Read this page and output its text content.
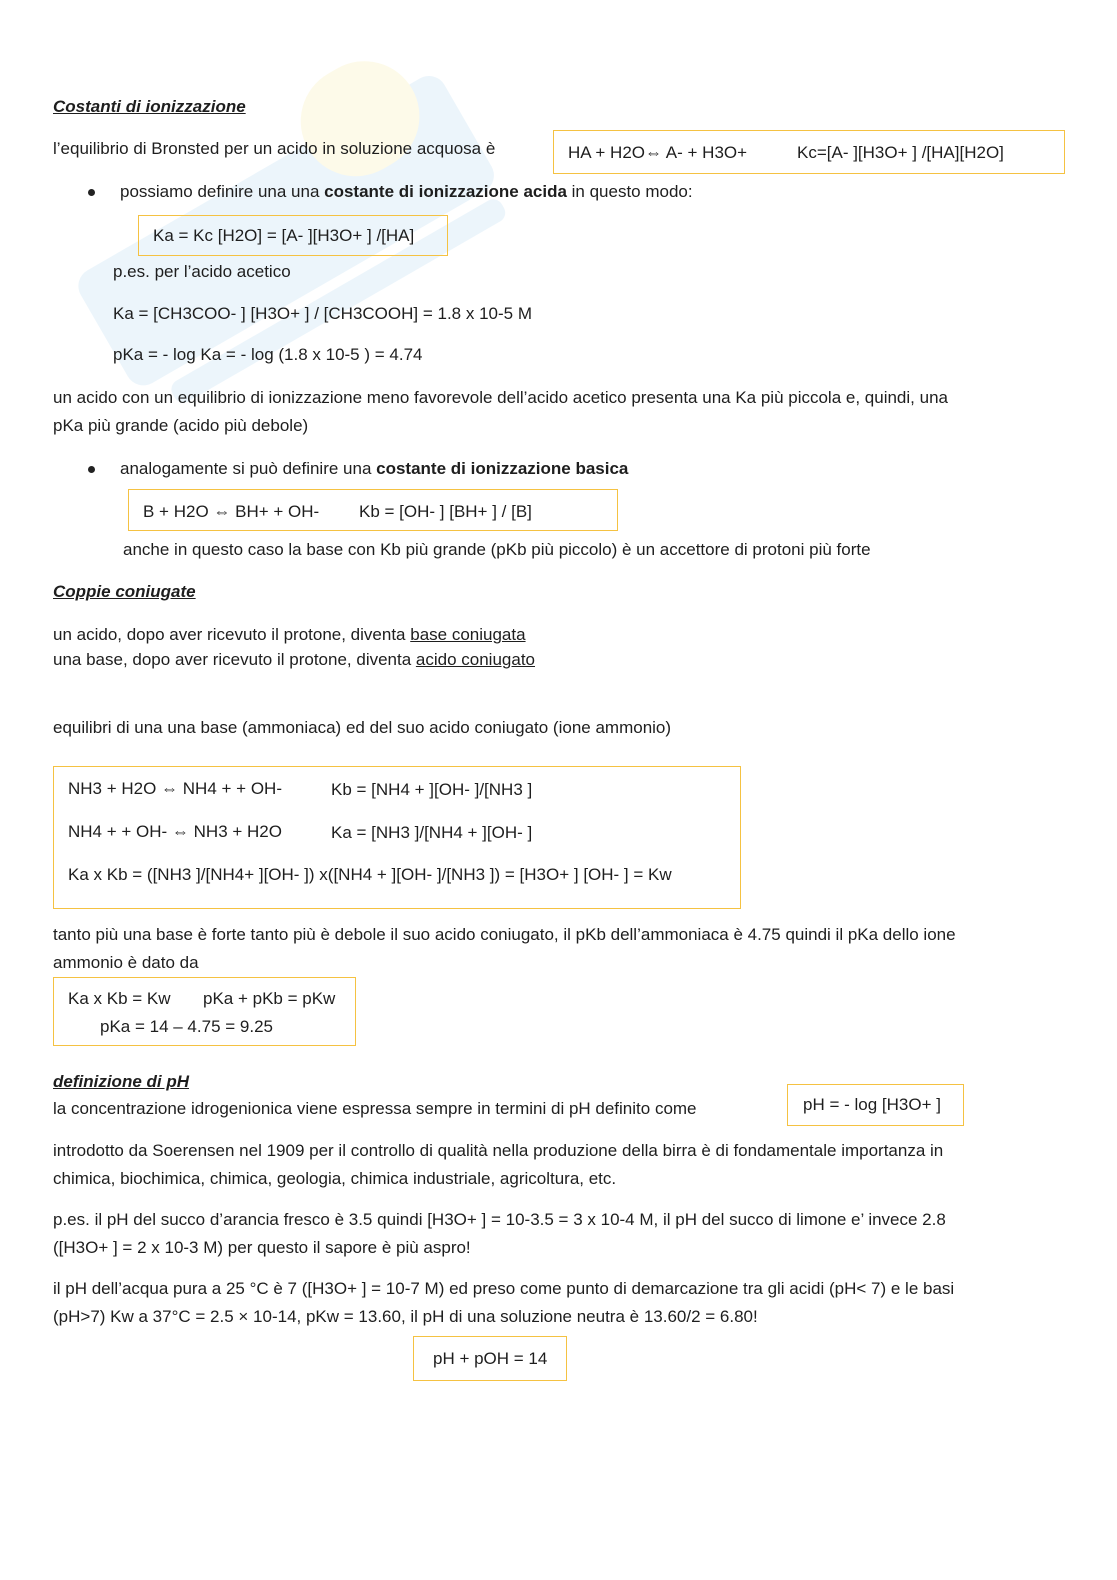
Costanti di ionizzazione
l’equilibrio di Bronsted per un acido in soluzione acquosa è	HA + H2O⇔ A- + H3O+	Kc=[A- ][H3O+ ] /[HA][H2O]
possiamo definire una una costante di ionizzazione acida in questo modo:
Ka = Kc [H2O] = [A- ][H3O+ ] /[HA]
p.es. per l’acido acetico
Ka = [CH3COO- ] [H3O+ ] / [CH3COOH] = 1.8 x 10-5 M
pKa = - log Ka = - log (1.8 x 10-5 ) = 4.74
un acido con un equilibrio di ionizzazione meno favorevole dell’acido acetico presenta una Ka più piccola e, quindi, una
pKa più grande (acido più debole)
analogamente si può definire una costante di ionizzazione basica
B + H2O ⇔ BH+ + OH- Kb = [OH- ] [BH+ ] / [B]
anche in questo caso la base con Kb più grande (pKb più piccolo) è un accettore di protoni più forte
Coppie coniugate
un acido, dopo aver ricevuto il protone, diventa base coniugata
una base, dopo aver ricevuto il protone, diventa acido coniugato
equilibri di una una base (ammoniaca) ed del suo acido coniugato (ione ammonio)
NH3 + H2O ⇔ NH4 + + OH-	Kb = [NH4 + ][OH- ]/[NH3 ]
NH4 + + OH- ⇔ NH3 + H2O	Ka = [NH3 ]/[NH4 + ][OH- ]
Ka x Kb = ([NH3 ]/[NH4+ ][OH- ]) x([NH4 + ][OH- ]/[NH3 ]) = [H3O+ ] [OH- ] = Kw
tanto più una base è forte tanto più è debole il suo acido coniugato, il pKb dell’ammoniaca è 4.75 quindi il pKa dello ione
ammonio è dato da
Ka x Kb = Kw pKa + pKb = pKw
pKa = 14 – 4.75 = 9.25
definizione di pH
la concentrazione idrogenionica viene espressa sempre in termini di pH definito come	pH = - log [H3O+ ]
introdotto da Soerensen nel 1909 per il controllo di qualità nella produzione della birra è di fondamentale importanza in
chimica, biochimica, chimica, geologia, chimica industriale, agricoltura, etc.
p.es. il pH del succo d’arancia fresco è 3.5 quindi [H3O+ ] = 10-3.5 = 3 x 10-4 M, il pH del succo di limone e’ invece 2.8
([H3O+ ] = 2 x 10-3 M) per questo il sapore è più aspro!
il pH dell’acqua pura a 25 °C è 7 ([H3O+ ] = 10-7 M) ed preso come punto di demarcazione tra gli acidi (pH< 7) e le basi
(pH>7) Kw a 37°C = 2.5 × 10-14, pKw = 13.60, il pH di una soluzione neutra è 13.60/2 = 6.80!
pH + pOH = 14
